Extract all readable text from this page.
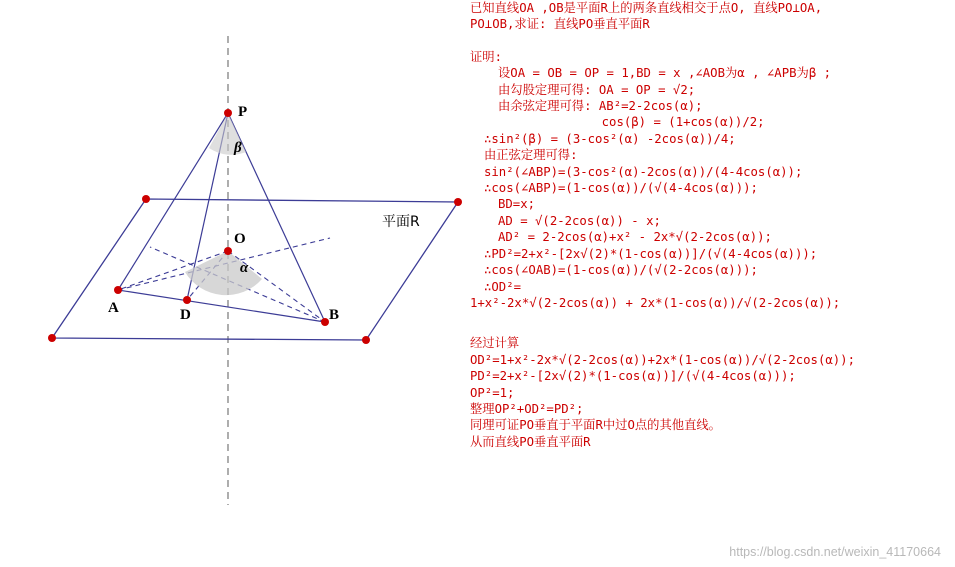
P
β
O
α
A	D	B
平面R

已知直线OA ,OB是平面R上的两条直线相交于点O, 直线PO⊥OA,

PO⊥OB,求证: 直线PO垂直平面R

证明:

设OA = OB = OP = 1,BD = x ,∠AOB为α , ∠APB为β ;

由勾股定理可得: OA = OP = √2;

由余弦定理可得: AB²=2-2cos(α);

cos(β) = (1+cos(α))/2;

∴sin²(β) = (3-cos²(α) -2cos(α))/4;

由正弦定理可得:

sin²(∠ABP)=(3-cos²(α)-2cos(α))/(4-4cos(α));

∴cos(∠ABP)=(1-cos(α))/(√(4-4cos(α)));

BD=x;

AD = √(2-2cos(α)) - x;

AD² = 2-2cos(α)+x² - 2x*√(2-2cos(α));

∴PD²=2+x²-[2x√(2)*(1-cos(α))]/(√(4-4cos(α)));

∴cos(∠OAB)=(1-cos(α))/(√(2-2cos(α)));

∴OD²=

1+x²-2x*√(2-2cos(α)) + 2x*(1-cos(α))/√(2-2cos(α));

经过计算

OD²=1+x²-2x*√(2-2cos(α))+2x*(1-cos(α))/√(2-2cos(α));

PD²=2+x²-[2x√(2)*(1-cos(α))]/(√(4-4cos(α)));

OP²=1;

整理OP²+OD²=PD²;

同理可证PO垂直于平面R中过O点的其他直线。

从而直线PO垂直平面R

https://blog.csdn.net/weixin_41170664
